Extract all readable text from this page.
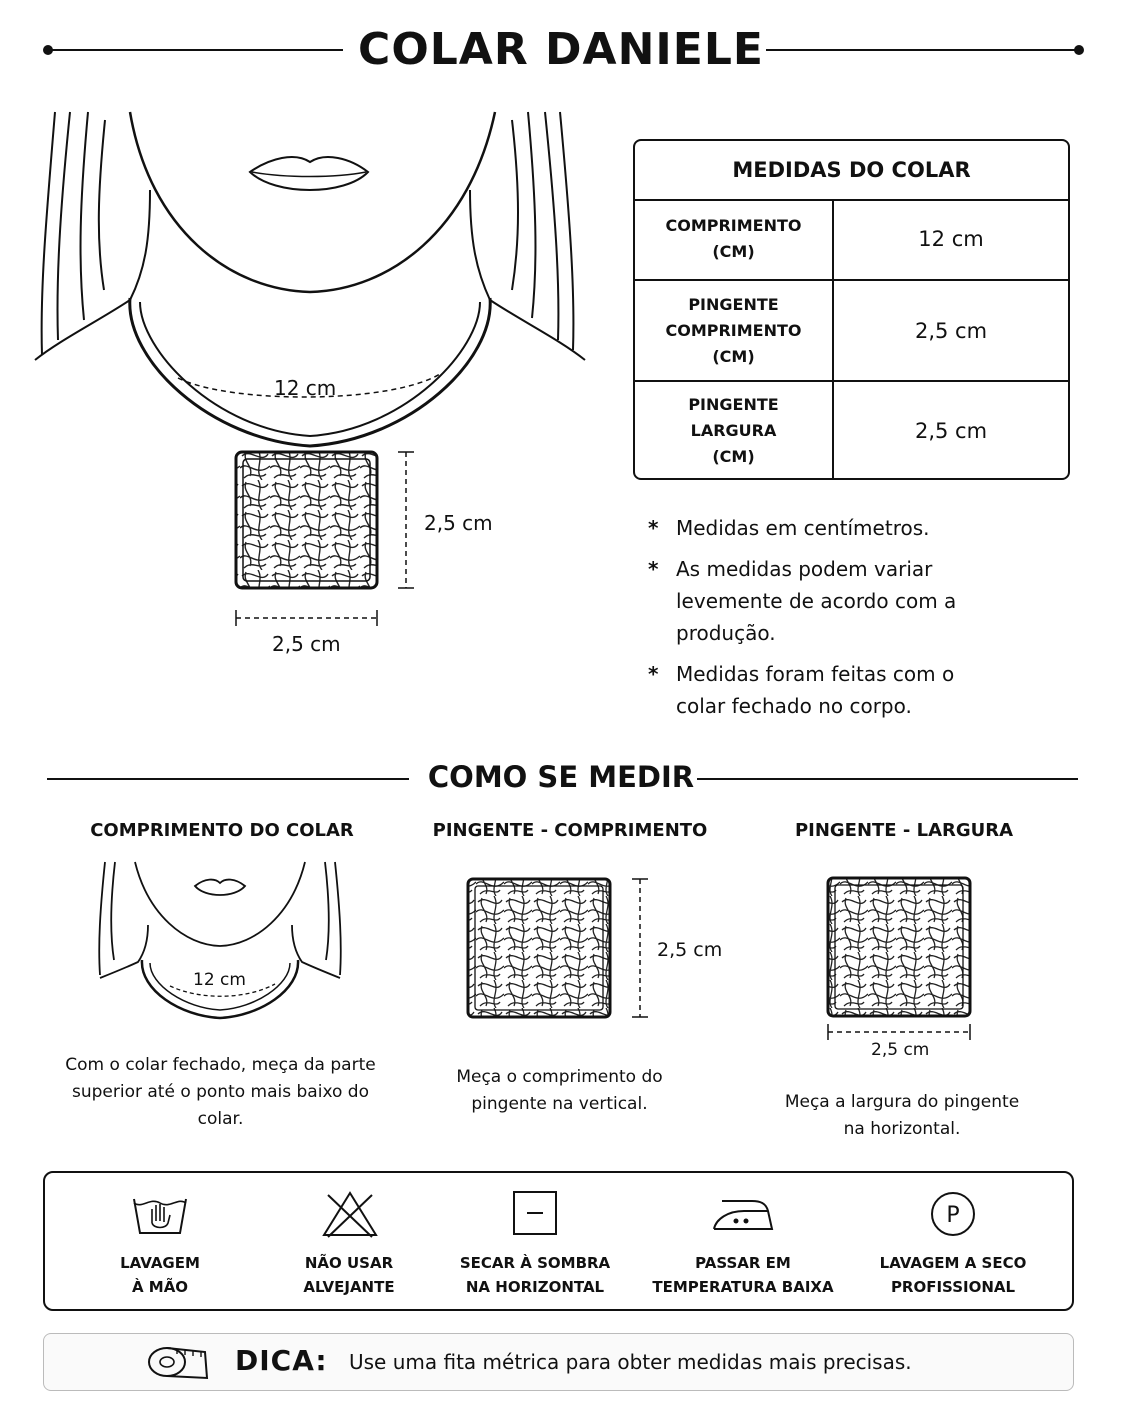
COLAR DANIELE
12 cm
2,5 cm
2,5 cm
MEDIDAS DO COLAR
COMPRIMENTO
(CM)
12 cm
PINGENTE
COMPRIMENTO
(CM)
2,5 cm
PINGENTE
LARGURA
(CM)
2,5 cm
* Medidas em centímetros.
* As medidas podem variar levemente de acordo com a produção.
* Medidas foram feitas com o colar fechado no corpo.
COMO SE MEDIR
COMPRIMENTO DO COLAR	PINGENTE - COMPRIMENTO	PINGENTE - LARGURA
12 cm
2,5 cm
2,5 cm
Com o colar fechado, meça da parte superior até o ponto mais baixo do colar.
Meça o comprimento do pingente na vertical.	Meça a largura do pingente na horizontal.
P
LAVAGEM
À MÃO
NÃO USAR
ALVEJANTE
SECAR À SOMBRA
NA HORIZONTAL
PASSAR EM
TEMPERATURA BAIXA
LAVAGEM A SECO
PROFISSIONAL
DICA: Use uma fita métrica para obter medidas mais precisas.
